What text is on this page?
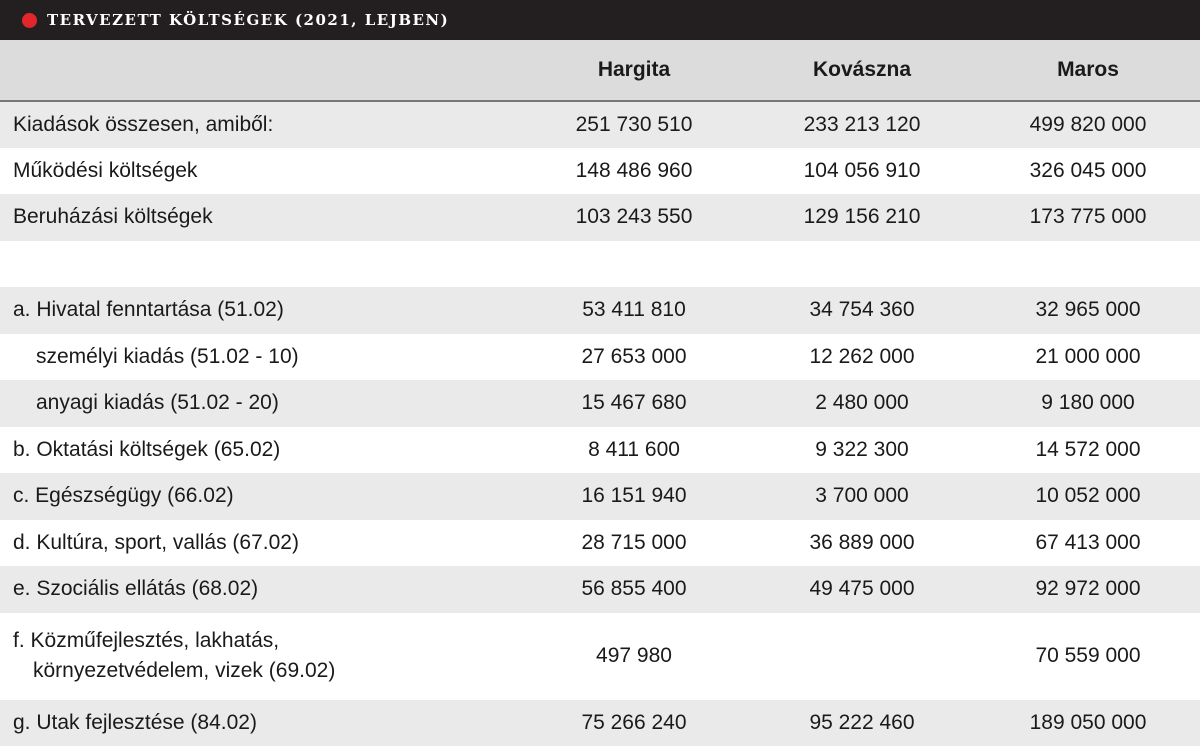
TERVEZETT KÖLTSÉGEK (2021, LEJBEN)
	Hargita	Kovászna	Maros
Kiadások összesen, amiből:	251 730 510	233 213 120	499 820 000
Működési költségek	148 486 960	104 056 910	326 045 000
Beruházási költségek	103 243 550	129 156 210	173 775 000

a. Hivatal fenntartása (51.02)	53 411 810	34 754 360	32 965 000
személyi kiadás (51.02 - 10)	27 653 000	12 262 000	21 000 000
anyagi kiadás (51.02 - 20)	15 467 680	2 480 000	9 180 000
b. Oktatási költségek (65.02)	8 411 600	9 322 300	14 572 000
c. Egészségügy (66.02)	16 151 940	3 700 000	10 052 000
d. Kultúra, sport, vallás (67.02)	28 715 000	36 889 000	67 413 000
e. Szociális ellátás (68.02)	56 855 400	49 475 000	92 972 000
f. Közműfejlesztés, lakhatás,
környezetvédelem, vizek (69.02)	497 980		70 559 000
g. Utak fejlesztése (84.02)	75 266 240	95 222 460	189 050 000
